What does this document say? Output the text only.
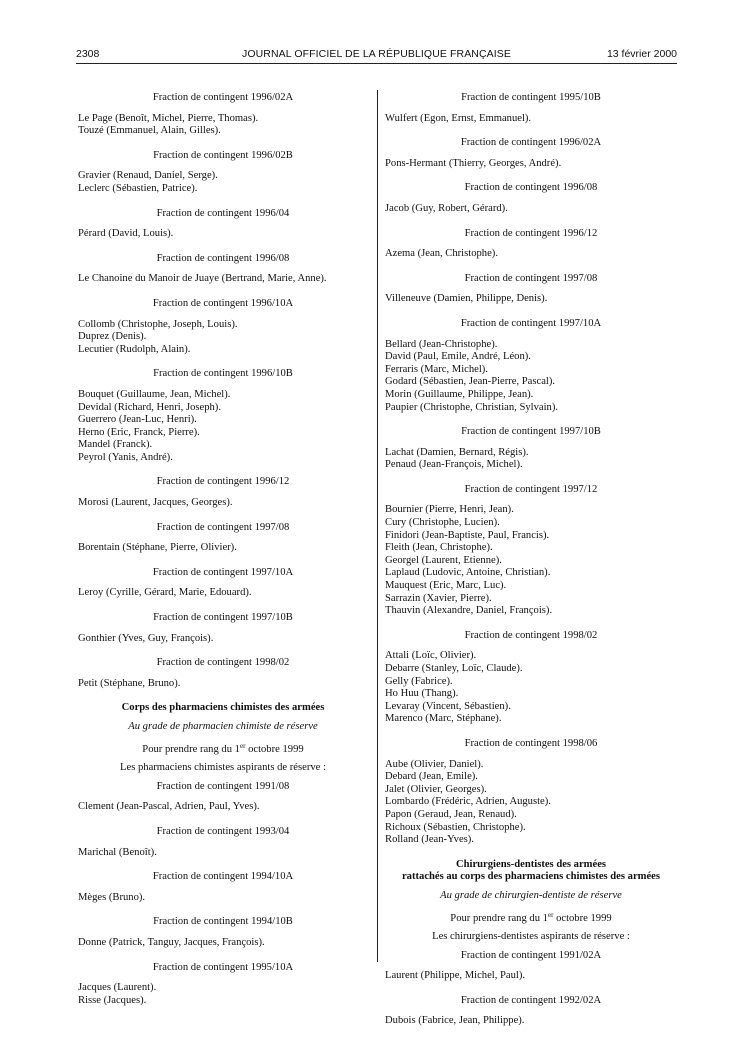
2308	JOURNAL OFFICIEL DE LA RÉPUBLIQUE FRANÇAISE	13 février 2000

Fraction de contingent 1996/02A

Le Page (Benoît, Michel, Pierre, Thomas).
Touzé (Emmanuel, Alain, Gilles).

Fraction de contingent 1996/02B

Gravier (Renaud, Daniel, Serge).
Leclerc (Sébastien, Patrice).

Fraction de contingent 1996/04

Pérard (David, Louis).

Fraction de contingent 1996/08

Le Chanoine du Manoir de Juaye (Bertrand, Marie, Anne).

Fraction de contingent 1996/10A

Collomb (Christophe, Joseph, Louis).
Duprez (Denis).
Lecutier (Rudolph, Alain).

Fraction de contingent 1996/10B

Bouquet (Guillaume, Jean, Michel).
Devidal (Richard, Henri, Joseph).
Guerrero (Jean-Luc, Henri).
Herno (Eric, Franck, Pierre).
Mandel (Franck).
Peyrol (Yanis, André).

Fraction de contingent 1996/12

Morosi (Laurent, Jacques, Georges).

Fraction de contingent 1997/08

Borentain (Stéphane, Pierre, Olivier).

Fraction de contingent 1997/10A

Leroy (Cyrille, Gérard, Marie, Edouard).

Fraction de contingent 1997/10B

Gonthier (Yves, Guy, François).

Fraction de contingent 1998/02

Petit (Stéphane, Bruno).

Corps des pharmaciens chimistes des armées

Au grade de pharmacien chimiste de réserve

Pour prendre rang du 1er octobre 1999

Les pharmaciens chimistes aspirants de réserve :

Fraction de contingent 1991/08

Clement (Jean-Pascal, Adrien, Paul, Yves).

Fraction de contingent 1993/04

Marichal (Benoît).

Fraction de contingent 1994/10A

Mèges (Bruno).

Fraction de contingent 1994/10B

Donne (Patrick, Tanguy, Jacques, François).

Fraction de contingent 1995/10A

Jacques (Laurent).
Risse (Jacques).

Fraction de contingent 1995/10B

Wulfert (Egon, Ernst, Emmanuel).

Fraction de contingent 1996/02A

Pons-Hermant (Thierry, Georges, André).

Fraction de contingent 1996/08

Jacob (Guy, Robert, Gérard).

Fraction de contingent 1996/12

Azema (Jean, Christophe).

Fraction de contingent 1997/08

Villeneuve (Damien, Philippe, Denis).

Fraction de contingent 1997/10A

Bellard (Jean-Christophe).
David (Paul, Emile, André, Léon).
Ferraris (Marc, Michel).
Godard (Sébastien, Jean-Pierre, Pascal).
Morin (Guillaume, Philippe, Jean).
Paupier (Christophe, Christian, Sylvain).

Fraction de contingent 1997/10B

Lachat (Damien, Bernard, Régis).
Penaud (Jean-François, Michel).

Fraction de contingent 1997/12

Bournier (Pierre, Henri, Jean).
Cury (Christophe, Lucien).
Finidori (Jean-Baptiste, Paul, Francis).
Fleith (Jean, Christophe).
Georgel (Laurent, Etienne).
Laplaud (Ludovic, Antoine, Christian).
Mauquest (Eric, Marc, Luc).
Sarrazin (Xavier, Pierre).
Thauvin (Alexandre, Daniel, François).

Fraction de contingent 1998/02

Attali (Loïc, Olivier).
Debarre (Stanley, Loïc, Claude).
Gelly (Fabrice).
Ho Huu (Thang).
Levaray (Vincent, Sébastien).
Marenco (Marc, Stéphane).

Fraction de contingent 1998/06

Aube (Olivier, Daniel).
Debard (Jean, Emile).
Jalet (Olivier, Georges).
Lombardo (Frédéric, Adrien, Auguste).
Papon (Geraud, Jean, Renaud).
Richoux (Sébastien, Christophe).
Rolland (Jean-Yves).

Chirurgiens-dentistes des armées

rattachés au corps des pharmaciens chimistes des armées

Au grade de chirurgien-dentiste de réserve

Pour prendre rang du 1er octobre 1999

Les chirurgiens-dentistes aspirants de réserve :

Fraction de contingent 1991/02A

Laurent (Philippe, Michel, Paul).

Fraction de contingent 1992/02A

Dubois (Fabrice, Jean, Philippe).
